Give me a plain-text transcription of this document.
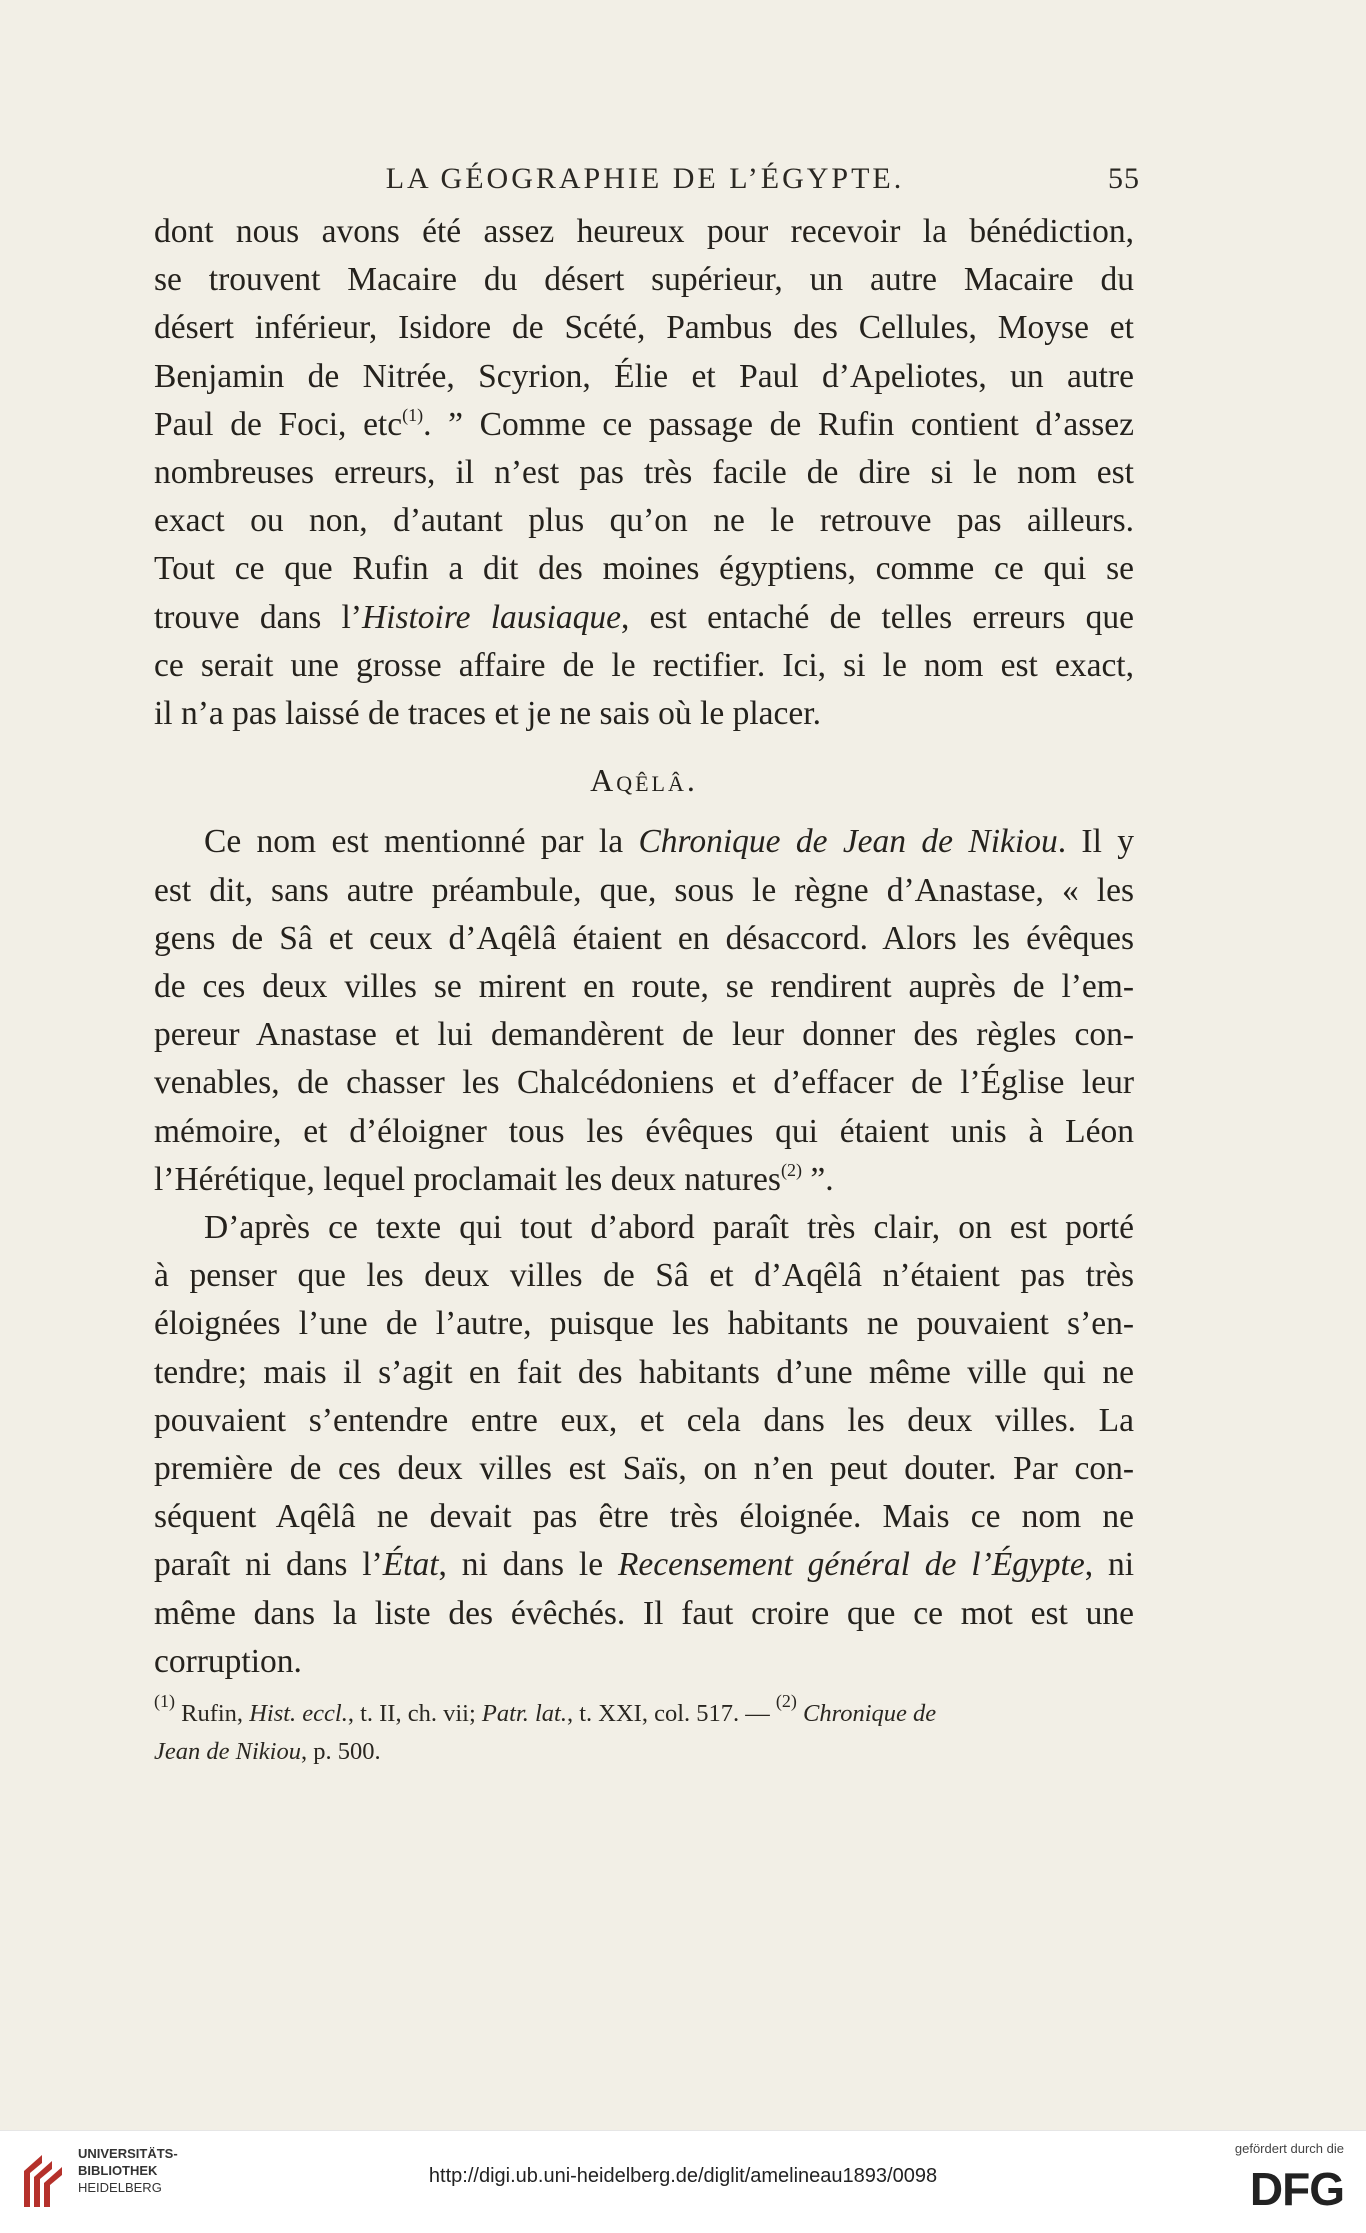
LA GÉOGRAPHIE DE L’ÉGYPTE.	55
dont nous avons été assez heureux pour recevoir la bénédiction,
se trouvent Macaire du désert supérieur, un autre Macaire du
désert inférieur, Isidore de Scété, Pambus des Cellules, Moyse et
Benjamin de Nitrée, Scyrion, Élie et Paul d’Apeliotes, un autre
Paul de Foci, etc$^{(1)}$. ” Comme ce passage de Rufin contient d’assez
nombreuses erreurs, il n’est pas très facile de dire si le nom est
exact ou non, d’autant plus qu’on ne le retrouve pas ailleurs.
Tout ce que Rufin a dit des moines égyptiens, comme ce qui se
trouve dans l’Histoire lausiaque, est entaché de telles erreurs que
ce serait une grosse affaire de le rectifier. Ici, si le nom est exact,
il n’a pas laissé de traces et je ne sais où le placer.
Aqêlâ.
Ce nom est mentionné par la Chronique de Jean de Nikiou. Il y
est dit, sans autre préambule, que, sous le règne d’Anastase, « les
gens de Sâ et ceux d’Aqêlâ étaient en désaccord. Alors les évêques
de ces deux villes se mirent en route, se rendirent auprès de l’em-
pereur Anastase et lui demandèrent de leur donner des règles con-
venables, de chasser les Chalcédoniens et d’effacer de l’Église leur
mémoire, et d’éloigner tous les évêques qui étaient unis à Léon
l’Hérétique, lequel proclamait les deux natures$^{(2)}$ ”.
D’après ce texte qui tout d’abord paraît très clair, on est porté
à penser que les deux villes de Sâ et d’Aqêlâ n’étaient pas très
éloignées l’une de l’autre, puisque les habitants ne pouvaient s’en-
tendre; mais il s’agit en fait des habitants d’une même ville qui ne
pouvaient s’entendre entre eux, et cela dans les deux villes. La
première de ces deux villes est Saïs, on n’en peut douter. Par con-
séquent Aqêlâ ne devait pas être très éloignée. Mais ce nom ne
paraît ni dans l’État, ni dans le Recensement général de l’Égypte, ni
même dans la liste des évêchés. Il faut croire que ce mot est une
corruption.
$^{(1)}$ Rufin, Hist. eccl., t. II, ch. vii; Patr. lat., t. XXI, col. 517. — $^{(2)}$ Chronique de
Jean de Nikiou, p. 500.
UNIVERSITÄTS-
BIBLIOTHEK
HEIDELBERG
http://digi.ub.uni-heidelberg.de/diglit/amelineau1893/0098
gefördert durch die
DFG
